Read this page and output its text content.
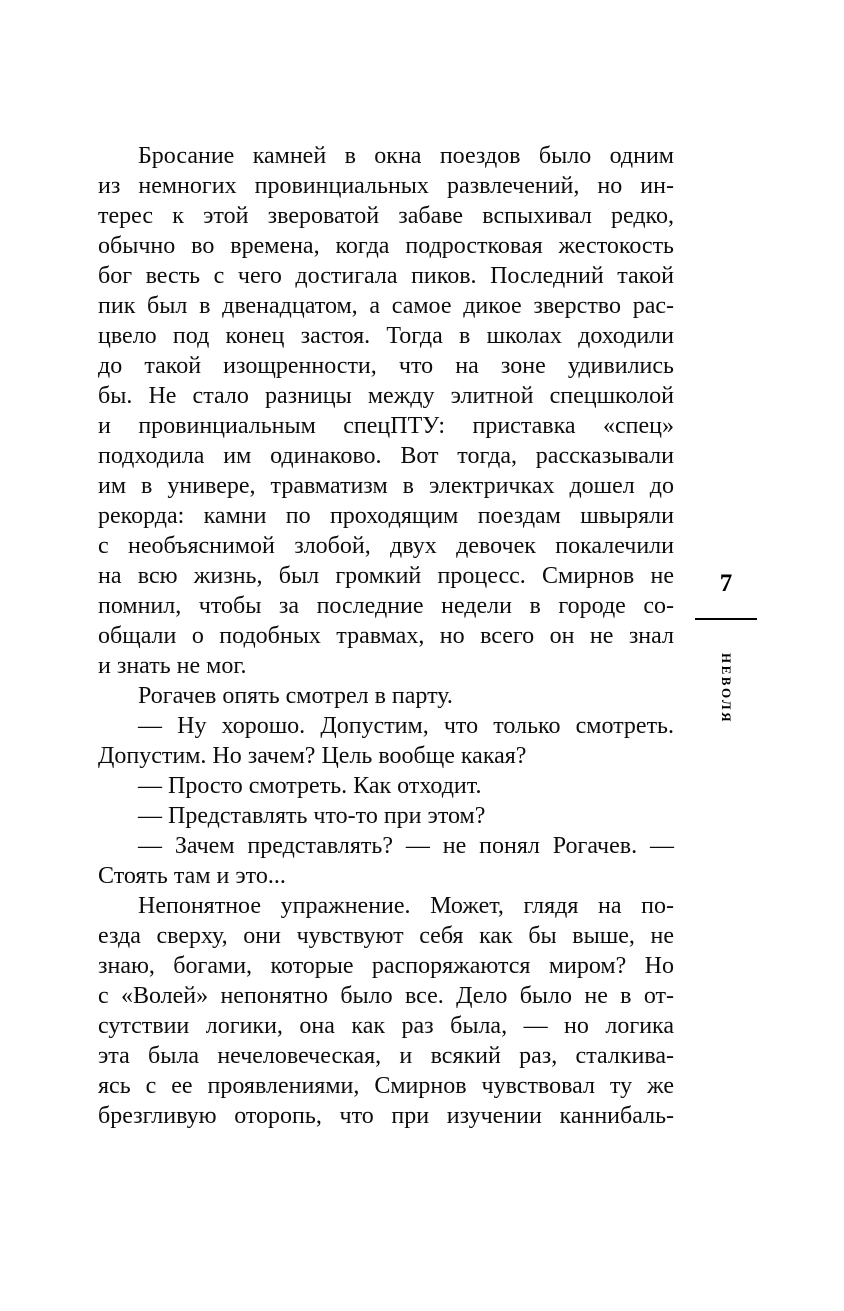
Бросание камней в окна поездов было одним
из немногих провинциальных развлечений, но ин-
терес к этой звероватой забаве вспыхивал редко,
обычно во времена, когда подростковая жестокость
бог весть с чего достигала пиков. Последний такой
пик был в двенадцатом, а самое дикое зверство рас-
цвело под конец застоя. Тогда в школах доходили
до такой изощренности, что на зоне удивились
бы. Не стало разницы между элитной спецшколой
и провинциальным спецПТУ: приставка «спец»
подходила им одинаково. Вот тогда, рассказывали
им в универе, травматизм в электричках дошел до
рекорда: камни по проходящим поездам швыряли
с необъяснимой злобой, двух девочек покалечили
на всю жизнь, был громкий процесс. Смирнов не
помнил, чтобы за последние недели в городе со-
общали о подобных травмах, но всего он не знал
и знать не мог.
Рогачев опять смотрел в парту.
— Ну хорошо. Допустим, что только смотреть.
Допустим. Но зачем? Цель вообще какая?
— Просто смотреть. Как отходит.
— Представлять что-то при этом?
— Зачем представлять? — не понял Рогачев. —
Стоять там и это...
Непонятное упражнение. Может, глядя на по-
езда сверху, они чувствуют себя как бы выше, не
знаю, богами, которые распоряжаются миром? Но
с «Волей» непонятно было все. Дело было не в от-
сутствии логики, она как раз была, — но логика
эта была нечеловеческая, и всякий раз, сталкива-
ясь с ее проявлениями, Смирнов чувствовал ту же
брезгливую оторопь, что при изучении каннибаль-
7
НЕВОЛЯ
